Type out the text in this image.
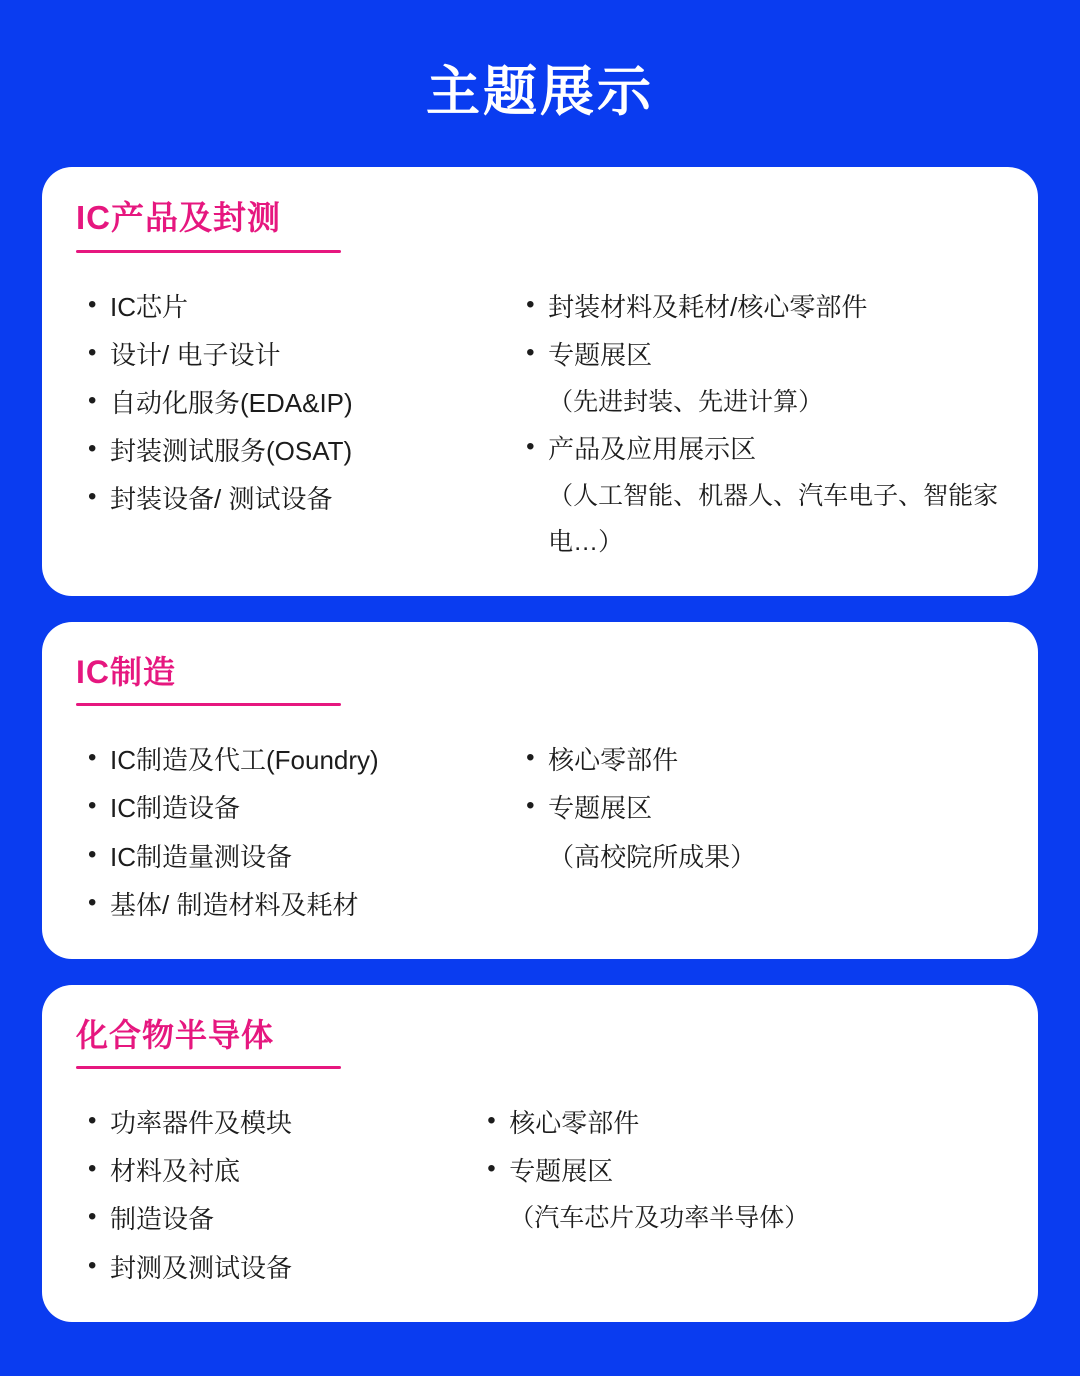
主题展示
IC产品及封测
• IC芯片
• 设计/ 电子设计
• 自动化服务(EDA&IP)
• 封装测试服务(OSAT)
• 封装设备/ 测试设备
• 封装材料及耗材/核心零部件
• 专题展区
（先进封装、先进计算）
• 产品及应用展示区
（人工智能、机器人、汽车电子、智能家电…）
IC制造
• IC制造及代工(Foundry)
• IC制造设备
• IC制造量测设备
• 基体/ 制造材料及耗材
• 核心零部件
• 专题展区
（高校院所成果）
化合物半导体
• 功率器件及模块
• 材料及衬底
• 制造设备
• 封测及测试设备
• 核心零部件
• 专题展区
（汽车芯片及功率半导体）
